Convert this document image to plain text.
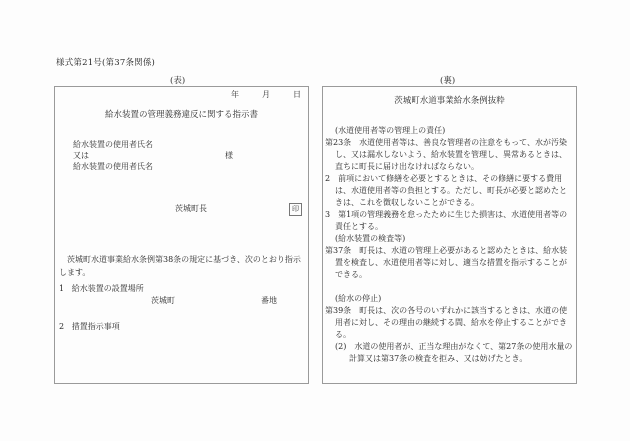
様式第21号(第37条関係)
(表)	(裏)
年	月	日
給水装置の管理義務違反に関する指示書
給水装置の使用者氏名
又は
給水装置の使用者氏名
様
茨城町長	印
茨城町水道事業給水条例第38条の規定に基づき、次のとおり指示します。
1 給水装置の設置場所
茨城町	番地
2 措置指示事項
茨城町水道事業給水条例抜粋
(水道使用者等の管理上の責任)
第23条　水道使用者等は、善良な管理者の注意をもって、水が汚染し、又は漏水しないよう、給水装置を管理し、異常あるときは、直ちに町長に届け出なければならない。
2　前項において修繕を必要とするときは、その修繕に要する費用は、水道使用者等の負担とする。ただし、町長が必要と認めたときは、これを徴収しないことができる。
3　第1項の管理義務を怠ったために生じた損害は、水道使用者等の責任とする。
(給水装置の検査等)
第37条　町長は、水道の管理上必要があると認めたときは、給水装置を検査し、水道使用者等に対し、適当な措置を指示することができる。
(給水の停止)
第39条　町長は、次の各号のいずれかに該当するときは、水道の使用者に対し、その理由の継続する間、給水を停止することができる。
(2)　水道の使用者が、正当な理由がなくて、第27条の使用水量の計算又は第37条の検査を拒み、又は妨げたとき。
